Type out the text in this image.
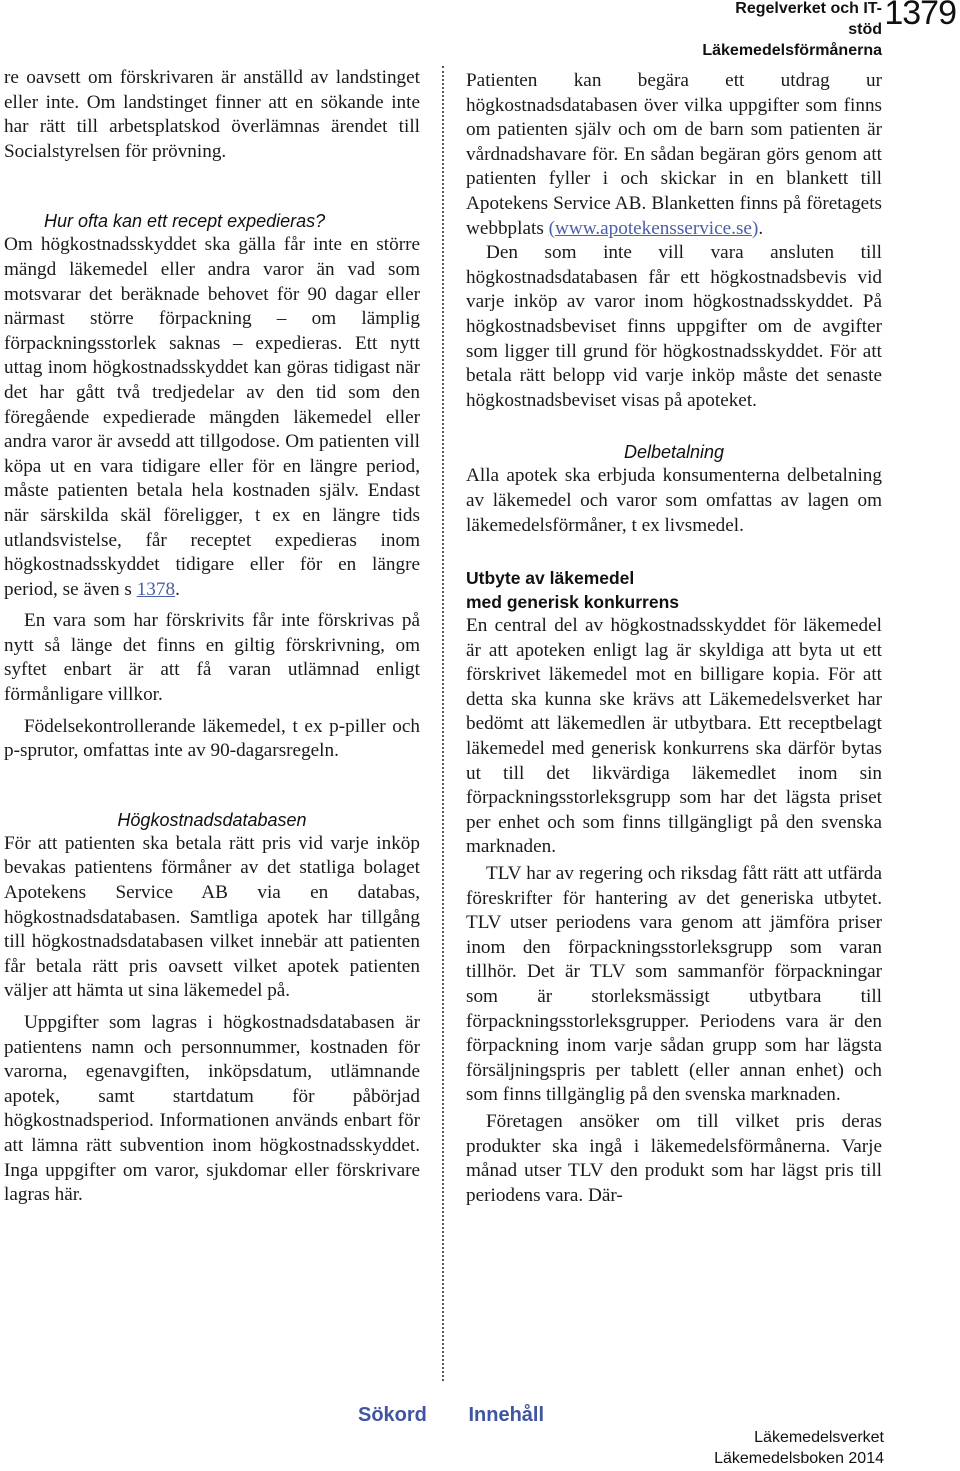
Regelverket och IT-stöd
Läkemedelsförmånerna
1379

re oavsett om förskrivaren är anställd av landstinget eller inte. Om landstinget finner att en sökande inte har rätt till arbetsplatskod överlämnas ärendet till Socialstyrelsen för prövning.

Hur ofta kan ett recept expedieras?

Om högkostnadsskyddet ska gälla får inte en större mängd läkemedel eller andra varor än vad som motsvarar det beräknade behovet för 90 dagar eller närmast större förpackning – om lämplig förpackningsstorlek saknas – expedieras. Ett nytt uttag inom högkostnadsskyddet kan göras tidigast när det har gått två tredjedelar av den tid som den föregående expedierade mängden läkemedel eller andra varor är avsedd att tillgodose. Om patienten vill köpa ut en vara tidigare eller för en längre period, måste patienten betala hela kostnaden själv. Endast när särskilda skäl föreligger, t ex en längre tids utlandsvistelse, får receptet expedieras inom högkostnadsskyddet tidigare eller för en längre period, se även s 1378.

En vara som har förskrivits får inte förskrivas på nytt så länge det finns en giltig förskrivning, om syftet enbart är att få varan utlämnad enligt förmånligare villkor.

Födelsekontrollerande läkemedel, t ex p-piller och p-sprutor, omfattas inte av 90-dagarsregeln.

Högkostnadsdatabasen

För att patienten ska betala rätt pris vid varje inköp bevakas patientens förmåner av det statliga bolaget Apotekens Service AB via en databas, högkostnadsdatabasen. Samtliga apotek har tillgång till högkostnadsdatabasen vilket innebär att patienten får betala rätt pris oavsett vilket apotek patienten väljer att hämta ut sina läkemedel på.

Uppgifter som lagras i högkostnadsdatabasen är patientens namn och personnummer, kostnaden för varorna, egenavgiften, inköpsdatum, utlämnande apotek, samt startdatum för påbörjad högkostnadsperiod. Informationen används enbart för att lämna rätt subvention inom högkostnadsskyddet. Inga uppgifter om varor, sjukdomar eller förskrivare lagras här.

Patienten kan begära ett utdrag ur högkostnadsdatabasen över vilka uppgifter som finns om patienten själv och om de barn som patienten är vårdnadshavare för. En sådan begäran görs genom att patienten fyller i och skickar in en blankett till Apotekens Service AB. Blanketten finns på företagets webbplats (www.apotekensservice.se).

Den som inte vill vara ansluten till högkostnadsdatabasen får ett högkostnadsbevis vid varje inköp av varor inom högkostnadsskyddet. På högkostnadsbeviset finns uppgifter om de avgifter som ligger till grund för högkostnadsskyddet. För att betala rätt belopp vid varje inköp måste det senaste högkostnadsbeviset visas på apoteket.

Delbetalning

Alla apotek ska erbjuda konsumenterna delbetalning av läkemedel och varor som omfattas av lagen om läkemedelsförmåner, t ex livsmedel.

Utbyte av läkemedel

med generisk konkurrens

En central del av högkostnadsskyddet för läkemedel är att apoteken enligt lag är skyldiga att byta ut ett förskrivet läkemedel mot en billigare kopia. För att detta ska kunna ske krävs att Läkemedelsverket har bedömt att läkemedlen är utbytbara. Ett receptbelagt läkemedel med generisk konkurrens ska därför bytas ut till det likvärdiga läkemedlet inom sin förpackningsstorleksgrupp som har det lägsta priset per enhet och som finns tillgängligt på den svenska marknaden.

TLV har av regering och riksdag fått rätt att utfärda föreskrifter för hantering av det generiska utbytet. TLV utser periodens vara genom att jämföra priser inom den förpackningsstorleksgrupp som varan tillhör. Det är TLV som sammanför förpackningar som är storleksmässigt utbytbara till förpackningsstorleksgrupper. Periodens vara är den förpackning inom varje sådan grupp som har lägsta försäljningspris per tablett (eller annan enhet) och som finns tillgänglig på den svenska marknaden.

Företagen ansöker om till vilket pris deras produkter ska ingå i läkemedelsförmånerna. Varje månad utser TLV den produkt som har lägst pris till periodens vara. Där-

Sökord Innehåll
Läkemedelsverket
Läkemedelsboken 2014
